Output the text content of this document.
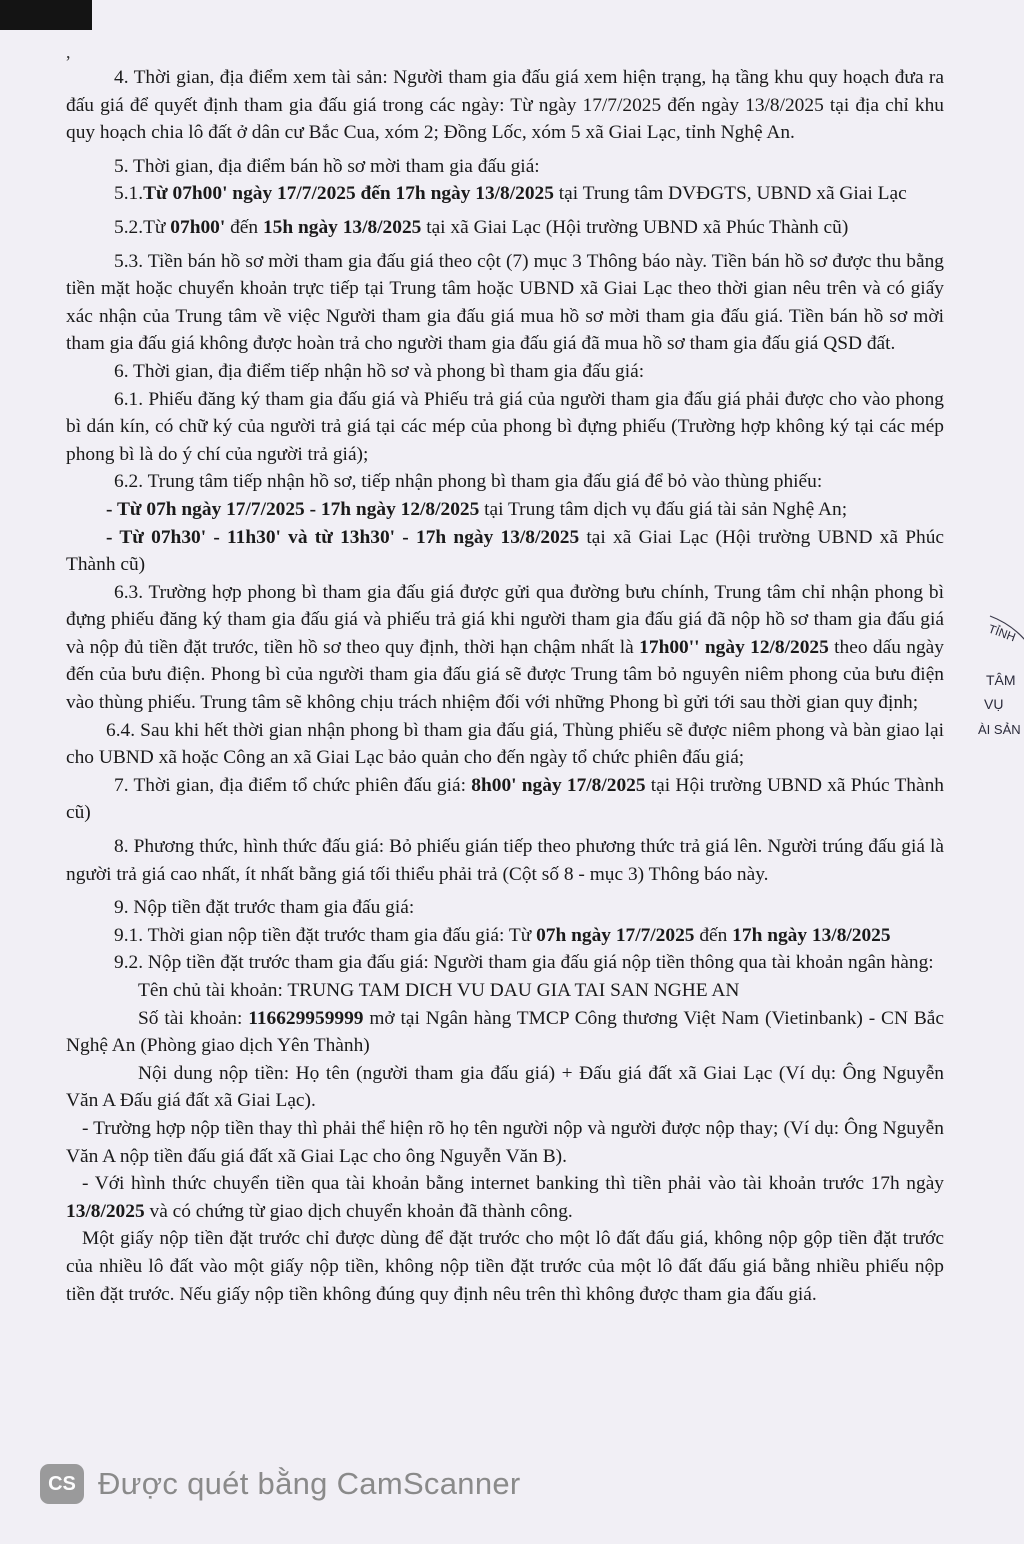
,

4. Thời gian, địa điểm xem tài sản: Người tham gia đấu giá xem hiện trạng, hạ tầng khu quy hoạch đưa ra đấu giá để quyết định tham gia đấu giá trong các ngày: Từ ngày 17/7/2025 đến ngày 13/8/2025 tại địa chỉ khu quy hoạch chia lô đất ở dân cư Bắc Cua, xóm 2; Đồng Lốc, xóm 5 xã Giai Lạc, tỉnh Nghệ An.

5. Thời gian, địa điểm bán hồ sơ mời tham gia đấu giá:

5.1.Từ 07h00' ngày 17/7/2025 đến 17h ngày 13/8/2025 tại Trung tâm DVĐGTS, UBND xã Giai Lạc

5.2.Từ 07h00' đến 15h ngày 13/8/2025 tại xã Giai Lạc (Hội trường UBND xã Phúc Thành cũ)

5.3. Tiền bán hồ sơ mời tham gia đấu giá theo cột (7) mục 3 Thông báo này. Tiền bán hồ sơ được thu bằng tiền mặt hoặc chuyển khoản trực tiếp tại Trung tâm hoặc UBND xã Giai Lạc theo thời gian nêu trên và có giấy xác nhận của Trung tâm về việc Người tham gia đấu giá mua hồ sơ mời tham gia đấu giá. Tiền bán hồ sơ mời tham gia đấu giá không được hoàn trả cho người tham gia đấu giá đã mua hồ sơ tham gia đấu giá QSD đất.

6. Thời gian, địa điểm tiếp nhận hồ sơ và phong bì tham gia đấu giá:

6.1. Phiếu đăng ký tham gia đấu giá và Phiếu trả giá của người tham gia đấu giá phải được cho vào phong bì dán kín, có chữ ký của người trả giá tại các mép của phong bì đựng phiếu (Trường hợp không ký tại các mép phong bì là do ý chí của người trả giá);

6.2. Trung tâm tiếp nhận hồ sơ, tiếp nhận phong bì tham gia đấu giá để bỏ vào thùng phiếu:

- Từ 07h ngày 17/7/2025 - 17h ngày 12/8/2025 tại Trung tâm dịch vụ đấu giá tài sản Nghệ An;

- Từ 07h30' - 11h30' và từ 13h30' - 17h ngày 13/8/2025 tại xã Giai Lạc (Hội trường UBND xã Phúc Thành cũ)

6.3. Trường hợp phong bì tham gia đấu giá được gửi qua đường bưu chính, Trung tâm chỉ nhận phong bì đựng phiếu đăng ký tham gia đấu giá và phiếu trả giá khi người tham gia đấu giá đã nộp hồ sơ tham gia đấu giá và nộp đủ tiền đặt trước, tiền hồ sơ theo quy định, thời hạn chậm nhất là 17h00'' ngày 12/8/2025 theo dấu ngày đến của bưu điện. Phong bì của người tham gia đấu giá sẽ được Trung tâm bỏ nguyên niêm phong của bưu điện vào thùng phiếu. Trung tâm sẽ không chịu trách nhiệm đối với những Phong bì gửi tới sau thời gian quy định;

6.4. Sau khi hết thời gian nhận phong bì tham gia đấu giá, Thùng phiếu sẽ được niêm phong và bàn giao lại cho UBND xã hoặc Công an xã Giai Lạc bảo quản cho đến ngày tổ chức phiên đấu giá;

7. Thời gian, địa điểm tổ chức phiên đấu giá: 8h00' ngày 17/8/2025 tại Hội trường UBND xã Phúc Thành cũ)

8. Phương thức, hình thức đấu giá: Bỏ phiếu gián tiếp theo phương thức trả giá lên. Người trúng đấu giá là người trả giá cao nhất, ít nhất bằng giá tối thiểu phải trả (Cột số 8 - mục 3) Thông báo này.

9. Nộp tiền đặt trước tham gia đấu giá:

9.1. Thời gian nộp tiền đặt trước tham gia đấu giá: Từ 07h ngày 17/7/2025 đến 17h ngày 13/8/2025

9.2. Nộp tiền đặt trước tham gia đấu giá: Người tham gia đấu giá nộp tiền thông qua tài khoản ngân hàng:

Tên chủ tài khoản: TRUNG TAM DICH VU DAU GIA TAI SAN NGHE AN

Số tài khoản: 116629959999 mở tại Ngân hàng TMCP Công thương Việt Nam (Vietinbank) - CN Bắc Nghệ An (Phòng giao dịch Yên Thành)

Nội dung nộp tiền: Họ tên (người tham gia đấu giá) + Đấu giá đất xã Giai Lạc (Ví dụ: Ông Nguyễn Văn A Đấu giá đất xã Giai Lạc).

- Trường hợp nộp tiền thay thì phải thể hiện rõ họ tên người nộp và người được nộp thay; (Ví dụ: Ông Nguyễn Văn A nộp tiền đấu giá đất xã Giai Lạc cho ông Nguyễn Văn B).

- Với hình thức chuyển tiền qua tài khoản bằng internet banking thì tiền phải vào tài khoản trước 17h ngày 13/8/2025 và có chứng từ giao dịch chuyển khoản đã thành công.

Một giấy nộp tiền đặt trước chỉ được dùng để đặt trước cho một lô đất đấu giá, không nộp gộp tiền đặt trước của nhiều lô đất vào một giấy nộp tiền, không nộp tiền đặt trước của một lô đất đấu giá bằng nhiều phiếu nộp tiền đặt trước. Nếu giấy nộp tiền không đúng quy định nêu trên thì không được tham gia đấu giá.

TỈNH
TÂM
VỤ
ÀI SẢN
CS Được quét bằng CamScanner
